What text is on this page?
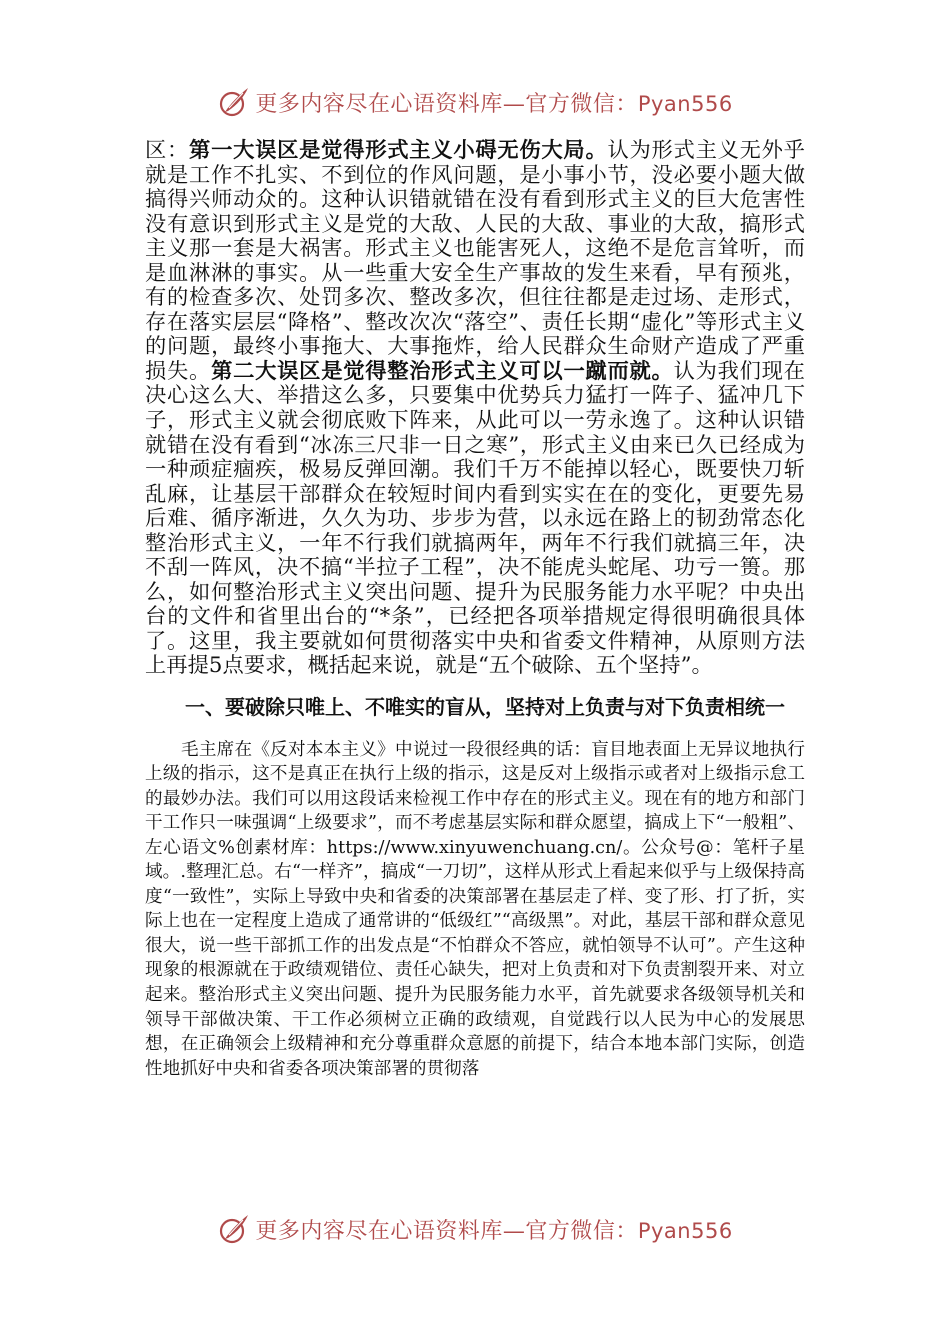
更多内容尽在心语资料库—官方微信：Pyan556

区：第一大误区是觉得形式主义小碍无伤大局。认为形式主义无外乎就是工作不扎实、不到位的作风问题，是小事小节，没必要小题大做搞得兴师动众的。这种认识错就错在没有看到形式主义的巨大危害性没有意识到形式主义是党的大敌、人民的大敌、事业的大敌，搞形式主义那一套是大祸害。形式主义也能害死人，这绝不是危言耸听，而是血淋淋的事实。从一些重大安全生产事故的发生来看，早有预兆，有的检查多次、处罚多次、整改多次，但往往都是走过场、走形式，存在落实层层“降格”、整改次次“落空”、责任长期“虚化”等形式主义的问题，最终小事拖大、大事拖炸，给人民群众生命财产造成了严重损失。第二大误区是觉得整治形式主义可以一蹴而就。认为我们现在决心这么大、举措这么多，只要集中优势兵力猛打一阵子、猛冲几下子，形式主义就会彻底败下阵来，从此可以一劳永逸了。这种认识错就错在没有看到“冰冻三尺非一日之寒”，形式主义由来已久已经成为一种顽症痼疾，极易反弹回潮。我们千万不能掉以轻心，既要快刀斩乱麻，让基层干部群众在较短时间内看到实实在在的变化，更要先易后难、循序渐进，久久为功、步步为营，以永远在路上的韧劲常态化整治形式主义，一年不行我们就搞两年，两年不行我们就搞三年，决不刮一阵风，决不搞“半拉子工程”，决不能虎头蛇尾、功亏一篑。那么，如何整治形式主义突出问题、提升为民服务能力水平呢？中央出台的文件和省里出台的“*条”，已经把各项举措规定得很明确很具体了。这里，我主要就如何贯彻落实中央和省委文件精神，从原则方法上再提5点要求，概括起来说，就是“五个破除、五个坚持”。

一、要破除只唯上、不唯实的盲从，坚持对上负责与对下负责相统一

毛主席在《反对本本主义》中说过一段很经典的话：盲目地表面上无异议地执行上级的指示，这不是真正在执行上级的指示，这是反对上级指示或者对上级指示怠工的最妙办法。我们可以用这段话来检视工作中存在的形式主义。现在有的地方和部门干工作只一味强调“上级要求”，而不考虑基层实际和群众愿望，搞成上下“一般粗”、左心语文%创素材库：https://www.xinyuwenchuang.cn/。公众号@：笔杆子星域。.整理汇总。右“一样齐”，搞成“一刀切”，这样从形式上看起来似乎与上级保持高度“一致性”，实际上导致中央和省委的决策部署在基层走了样、变了形、打了折，实际上也在一定程度上造成了通常讲的“低级红”“高级黑”。对此，基层干部和群众意见很大，说一些干部抓工作的出发点是“不怕群众不答应，就怕领导不认可”。产生这种现象的根源就在于政绩观错位、责任心缺失，把对上负责和对下负责割裂开来、对立起来。整治形式主义突出问题、提升为民服务能力水平，首先就要求各级领导机关和领导干部做决策、干工作必须树立正确的政绩观，自觉践行以人民为中心的发展思想，在正确领会上级精神和充分尊重群众意愿的前提下，结合本地本部门实际，创造性地抓好中央和省委各项决策部署的贯彻落

更多内容尽在心语资料库—官方微信：Pyan556
